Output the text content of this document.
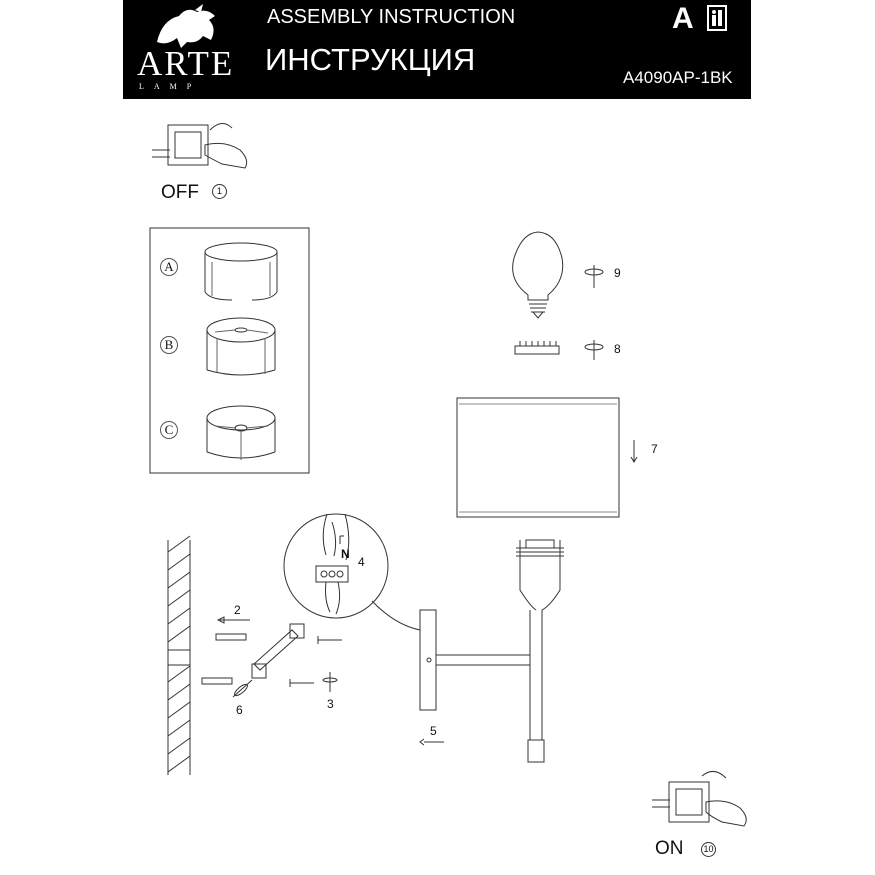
ARTE
LAMP
ASSEMBLY INSTRUCTION
ИНСТРУКЦИЯ
A
A4090AP-1BK
OFF	1
A
B
C
9
8
7
N
4
2
3
6
5
ON 10
